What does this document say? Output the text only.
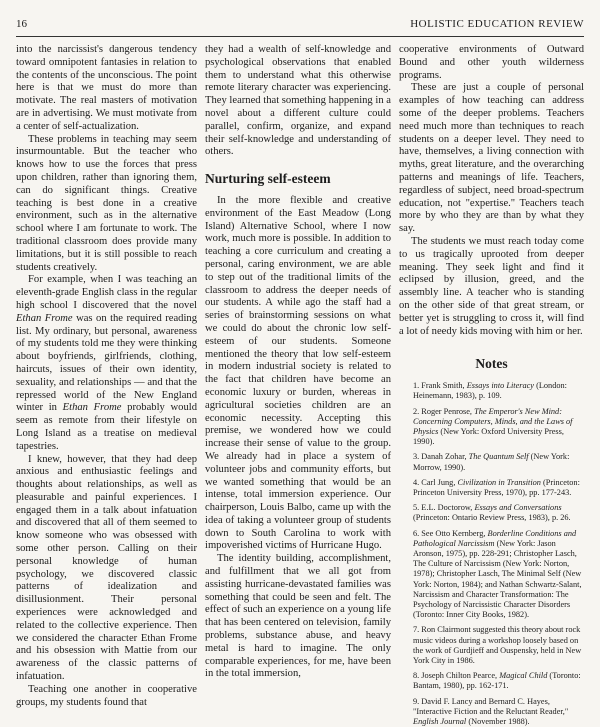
16	HOLISTIC EDUCATION REVIEW

into the narcissist's dangerous tendency toward omnipotent fantasies in relation to the contents of the unconscious. The point here is that we must do more than motivate. The real masters of motivation are in advertising. We must motivate from a center of self-actualization.

These problems in teaching may seem insurmountable. But the teacher who knows how to use the forces that press upon children, rather than ignoring them, can do significant things. Creative teaching is best done in a creative environment, such as in the alternative school where I am fortunate to work. The traditional classroom does provide many limitations, but it is still possible to reach students creatively.

For example, when I was teaching an eleventh-grade English class in the regular high school I discovered that the novel Ethan Frome was on the required reading list. My ordinary, but personal, awareness of my students told me they were thinking about boyfriends, girlfriends, clothing, haircuts, issues of their own identity, sexuality, and relationships — and that the repressed world of the New England winter in Ethan Frome probably would seem as remote from their lifestyle on Long Island as a treatise on medieval tapestries.

I knew, however, that they had deep anxious and enthusiastic feelings and thoughts about relationships, as well as pleasurable and painful experiences. I engaged them in a talk about infatuation and discovered that all of them seemed to know someone who was obsessed with some other person. Calling on their personal knowledge of human psychology, we discovered classic patterns of idealization and disillusionment. Their personal experiences were acknowledged and related to the collective experience. Then we considered the character Ethan Frome and his obsession with Mattie from our awareness of the classic patterns of infatuation.

Teaching one another in cooperative groups, my students found that

they had a wealth of self-knowledge and psychological observations that enabled them to understand what this otherwise remote literary character was experiencing. They learned that something happening in a novel about a different culture could parallel, confirm, organize, and expand their self-knowledge and understanding of others.

Nurturing self-esteem

In the more flexible and creative environment of the East Meadow (Long Island) Alternative School, where I now work, much more is possible. In addition to teaching a core curriculum and creating a personal, caring environment, we are able to step out of the traditional limits of the classroom to address the deeper needs of our students. A while ago the staff had a series of brainstorming sessions on what we could do about the chronic low self-esteem of our students. Someone mentioned the theory that low self-esteem in modern industrial society is related to the fact that children have become an economic luxury or burden, whereas in agricultural societies children are an economic necessity. Accepting this premise, we wondered how we could increase their sense of value to the group. We already had in place a system of volunteer jobs and community efforts, but we wanted something that would be an intense, total immersion experience. Our chairperson, Louis Balbo, came up with the idea of taking a volunteer group of students down to South Carolina to work with impoverished victims of Hurricane Hugo.

The identity building, accomplishment, and fulfillment that we all got from assisting hurricane-devastated families was something that could be seen and felt. The effect of such an experience on a young life that has been centered on television, family problems, substance abuse, and heavy metal is hard to imagine. The only comparable experiences, for me, have been in the total immersion,

cooperative environments of Outward Bound and other youth wilderness programs.

These are just a couple of personal examples of how teaching can address some of the deeper problems. Teachers need much more than techniques to reach students on a deeper level. They need to have, themselves, a living connection with myths, great literature, and the overarching patterns and meanings of life. Teachers, regardless of subject, need broad-spectrum education, not "expertise." Teachers teach more by who they are than by what they say.

The students we must reach today come to us tragically uprooted from deeper meaning. They seek light and find it eclipsed by illusion, greed, and the assembly line. A teacher who is standing on the other side of that great stream, or better yet is struggling to cross it, will find a lot of needy kids moving with him or her.

Notes
1. Frank Smith, Essays into Literacy (London: Heinemann, 1983), p. 109.
2. Roger Penrose, The Emperor's New Mind: Concerning Computers, Minds, and the Laws of Physics (New York: Oxford University Press, 1990).
3. Danah Zohar, The Quantum Self (New York: Morrow, 1990).
4. Carl Jung, Civilization in Transition (Princeton: Princeton University Press, 1970), pp. 177-243.
5. E.L. Doctorow, Essays and Conversations (Princeton: Ontario Review Press, 1983), p. 26.
6. See Otto Kernberg, Borderline Conditions and Pathological Narcissism (New York: Jason Aronson, 1975), pp. 228-291; Christopher Lasch, The Culture of Narcissism (New York: Norton, 1978); Christopher Lasch, The Minimal Self (New York: Norton, 1984); and Nathan Schwartz-Salant, Narcissism and Character Transformation: The Psychology of Narcissistic Character Disorders (Toronto: Inner City Books, 1982).
7. Ron Clairmont suggested this theory about rock music videos during a workshop loosely based on the work of Gurdjieff and Ouspensky, held in New York City in 1986.
8. Joseph Chilton Pearce, Magical Child (Toronto: Bantam, 1980), pp. 162-171.
9. David F. Lancy and Bernard C. Hayes, "Interactive Fiction and the Reluctant Reader," English Journal (November 1988).
